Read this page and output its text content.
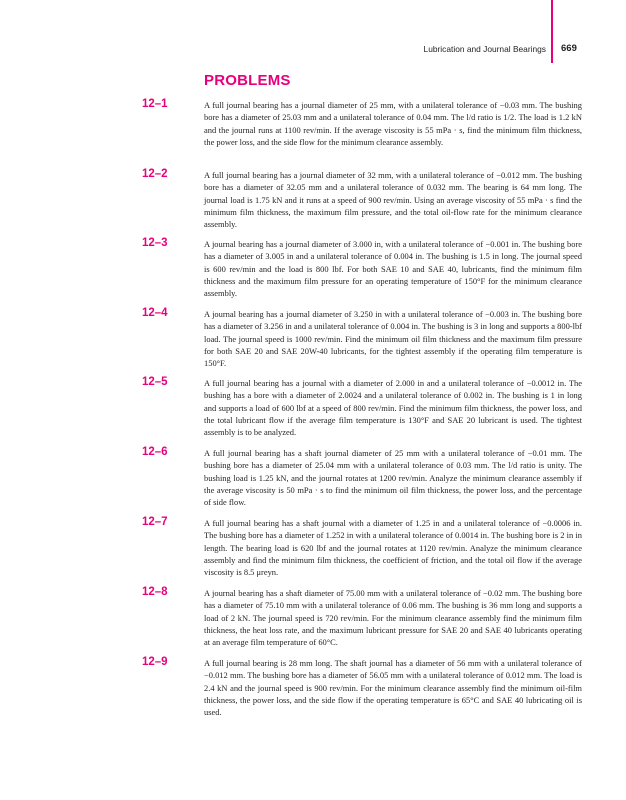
Lubrication and Journal Bearings 669
PROBLEMS
12–1	A full journal bearing has a journal diameter of 25 mm, with a unilateral tolerance of −0.03 mm. The bushing bore has a diameter of 25.03 mm and a unilateral tolerance of 0.04 mm. The l/d ratio is 1/2. The load is 1.2 kN and the journal runs at 1100 rev/min. If the average viscosity is 55 mPa · s, find the minimum film thickness, the power loss, and the side flow for the minimum clearance assembly.

12–2	A full journal bearing has a journal diameter of 32 mm, with a unilateral tolerance of −0.012 mm. The bushing bore has a diameter of 32.05 mm and a unilateral tolerance of 0.032 mm. The bearing is 64 mm long. The journal load is 1.75 kN and it runs at a speed of 900 rev/min. Using an average viscosity of 55 mPa · s find the minimum film thickness, the maximum film pressure, and the total oil-flow rate for the minimum clearance assembly.

12–3	A journal bearing has a journal diameter of 3.000 in, with a unilateral tolerance of −0.001 in. The bushing bore has a diameter of 3.005 in and a unilateral tolerance of 0.004 in. The bushing is 1.5 in long. The journal speed is 600 rev/min and the load is 800 lbf. For both SAE 10 and SAE 40, lubricants, find the minimum film thickness and the maximum film pressure for an operating temperature of 150°F for the minimum clearance assembly.

12–4	A journal bearing has a journal diameter of 3.250 in with a unilateral tolerance of −0.003 in. The bushing bore has a diameter of 3.256 in and a unilateral tolerance of 0.004 in. The bushing is 3 in long and supports a 800-lbf load. The journal speed is 1000 rev/min. Find the minimum oil film thickness and the maximum film pressure for both SAE 20 and SAE 20W-40 lubricants, for the tightest assembly if the operating film temperature is 150°F.

12–5	A full journal bearing has a journal with a diameter of 2.000 in and a unilateral tolerance of −0.0012 in. The bushing has a bore with a diameter of 2.0024 and a unilateral tolerance of 0.002 in. The bushing is 1 in long and supports a load of 600 lbf at a speed of 800 rev/min. Find the minimum film thickness, the power loss, and the total lubricant flow if the average film temperature is 130°F and SAE 20 lubricant is used. The tightest assembly is to be analyzed.

12–6	A full journal bearing has a shaft journal diameter of 25 mm with a unilateral tolerance of −0.01 mm. The bushing bore has a diameter of 25.04 mm with a unilateral tolerance of 0.03 mm. The l/d ratio is unity. The bushing load is 1.25 kN, and the journal rotates at 1200 rev/min. Analyze the minimum clearance assembly if the average viscosity is 50 mPa · s to find the minimum oil film thickness, the power loss, and the percentage of side flow.

12–7	A full journal bearing has a shaft journal with a diameter of 1.25 in and a unilateral tolerance of −0.0006 in. The bushing bore has a diameter of 1.252 in with a unilateral tolerance of 0.0014 in. The bushing bore is 2 in in length. The bearing load is 620 lbf and the journal rotates at 1120 rev/min. Analyze the minimum clearance assembly and find the minimum film thickness, the coefficient of friction, and the total oil flow if the average viscosity is 8.5 μreyn.

12–8	A journal bearing has a shaft diameter of 75.00 mm with a unilateral tolerance of −0.02 mm. The bushing bore has a diameter of 75.10 mm with a unilateral tolerance of 0.06 mm. The bushing is 36 mm long and supports a load of 2 kN. The journal speed is 720 rev/min. For the minimum clearance assembly find the minimum film thickness, the heat loss rate, and the maximum lubricant pressure for SAE 20 and SAE 40 lubricants operating at an average film temperature of 60°C.

12–9	A full journal bearing is 28 mm long. The shaft journal has a diameter of 56 mm with a unilateral tolerance of −0.012 mm. The bushing bore has a diameter of 56.05 mm with a unilateral tolerance of 0.012 mm. The load is 2.4 kN and the journal speed is 900 rev/min. For the minimum clearance assembly find the minimum oil-film thickness, the power loss, and the side flow if the operating temperature is 65°C and SAE 40 lubricating oil is used.
